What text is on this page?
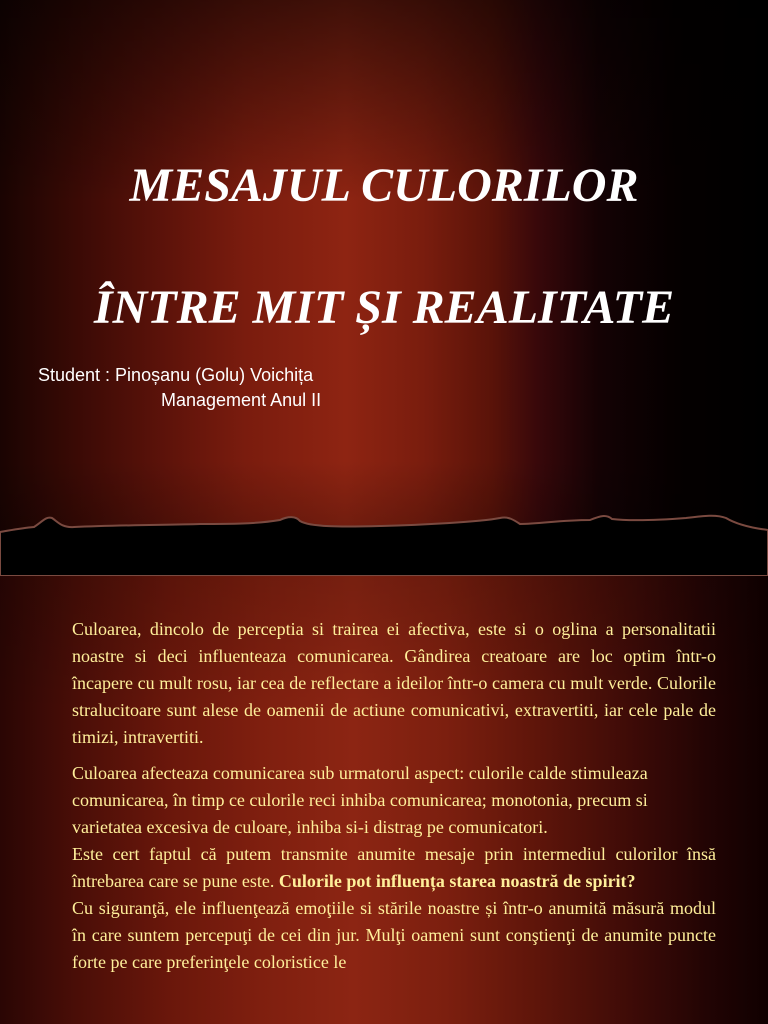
MESAJUL CULORILOR
ÎNTRE MIT ȘI REALITATE
Student : Pinoșanu (Golu) Voichița
Management Anul II

Culoarea, dincolo de perceptia si trairea ei afectiva, este si o oglina a personalitatii noastre si deci influenteaza comunicarea. Gândirea creatoare are loc optim într-o încapere cu mult rosu, iar cea de reflectare a ideilor într-o camera cu mult verde. Culorile stralucitoare sunt alese de oamenii de actiune comunicativi, extravertiti, iar cele pale de timizi, intravertiti.

Culoarea afecteaza comunicarea sub urmatorul aspect: culorile calde stimuleaza comunicarea, în timp ce culorile reci inhiba comunicarea; monotonia, precum si varietatea excesiva de culoare, inhiba si-i distrag pe comunicatori.

Este cert faptul că putem transmite anumite mesaje prin intermediul culorilor însă întrebarea care se pune este. Culorile pot influența starea noastră de spirit?

Cu siguranţă, ele influenţează emoţiile si stările noastre și într-o anumită măsură modul în care suntem percepuţi de cei din jur. Mulţi oameni sunt conştienţi de anumite puncte forte pe care preferinţele coloristice le
